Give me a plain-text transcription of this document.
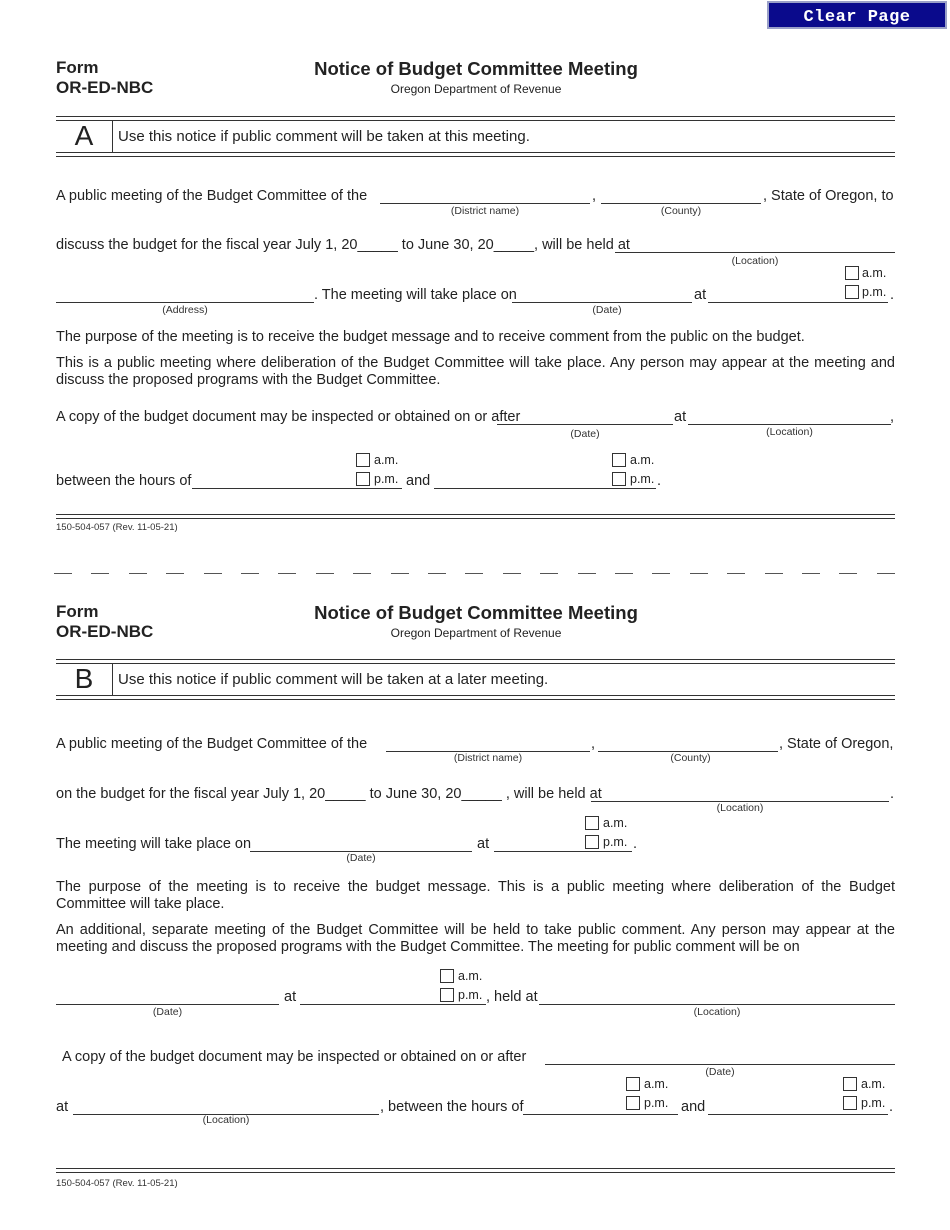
Clear Page
Form
OR-ED-NBC
Notice of Budget Committee Meeting
Oregon Department of Revenue
A	Use this notice if public comment will be taken at this meeting.
A public meeting of the Budget Committee of the	,	, State of Oregon, to
(District name)	(County)
discuss the budget for the fiscal year July 1, 20_____ to June 30, 20_____, will be held at
(Location)
a.m.
p.m. .
. The meeting will take place on	at
(Address)	(Date)
The purpose of the meeting is to receive the budget message and to receive comment from the public on the budget.
This is a public meeting where deliberation of the Budget Committee will take place. Any person may appear at the meeting and discuss the proposed programs with the Budget Committee.
A copy of the budget document may be inspected or obtained on or after	at	,
(Date)	(Location)
a.m.
p.m.
a.m.
p.m.
between the hours of	and	.
150-504-057 (Rev. 11-05-21)
Form
OR-ED-NBC
Notice of Budget Committee Meeting
Oregon Department of Revenue
B	Use this notice if public comment will be taken at a later meeting.
A public meeting of the Budget Committee of the	,	, State of Oregon,
(District name)	(County)
on the budget for the fiscal year July 1, 20_____ to June 30, 20_____ , will be held at	.
(Location)
a.m.
p.m.
The meeting will take place on	at	.
(Date)
The purpose of the meeting is to receive the budget message. This is a public meeting where deliberation of the Budget Committee will take place.
An additional, separate meeting of the Budget Committee will be held to take public comment. Any person may appear at the meeting and discuss the proposed programs with the Budget Committee. The meeting for public comment will be on
a.m.
p.m.
at	, held at
(Date)	(Location)
A copy of the budget document may be inspected or obtained on or after
(Date)
a.m.
p.m.
a.m.
p.m.
at	, between the hours of	and	.
(Location)
150-504-057 (Rev. 11-05-21)
